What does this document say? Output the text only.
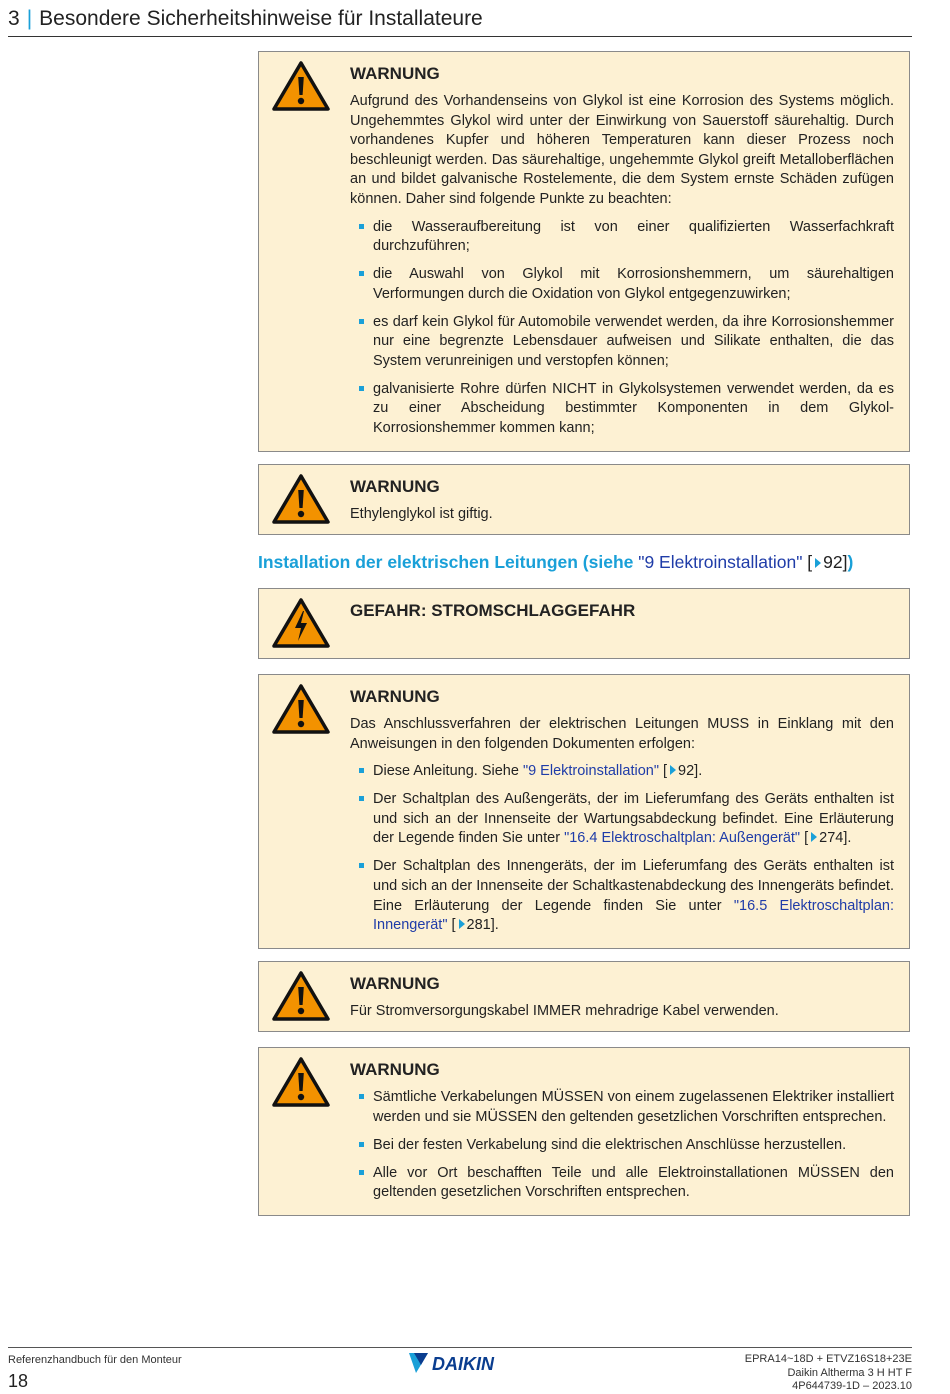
3 | Besondere Sicherheitshinweise für Installateure
WARNUNG

Aufgrund des Vorhandenseins von Glykol ist eine Korrosion des Systems möglich. Ungehemmtes Glykol wird unter der Einwirkung von Sauerstoff säurehaltig. Durch vorhandenes Kupfer und höheren Temperaturen kann dieser Prozess noch beschleunigt werden. Das säurehaltige, ungehemmte Glykol greift Metalloberflächen an und bildet galvanische Rostelemente, die dem System ernste Schäden zufügen können. Daher sind folgende Punkte zu beachten:

die Wasseraufbereitung ist von einer qualifizierten Wasserfachkraft durchzuführen;
die Auswahl von Glykol mit Korrosionshemmern, um säurehaltigen Verformungen durch die Oxidation von Glykol entgegenzuwirken;
es darf kein Glykol für Automobile verwendet werden, da ihre Korrosionshemmer nur eine begrenzte Lebensdauer aufweisen und Silikate enthalten, die das System verunreinigen und verstopfen können;
galvanisierte Rohre dürfen NICHT in Glykolsystemen verwendet werden, da es zu einer Abscheidung bestimmter Komponenten in dem Glykol-Korrosionshemmer kommen kann;
WARNUNG

Ethylenglykol ist giftig.

Installation der elektrischen Leitungen (siehe "9 Elektroinstallation" [ 92])
GEFAHR: STROMSCHLAGGEFAHR
WARNUNG

Das Anschlussverfahren der elektrischen Leitungen MUSS in Einklang mit den Anweisungen in den folgenden Dokumenten erfolgen:

Diese Anleitung. Siehe "9 Elektroinstallation" [ 92].
Der Schaltplan des Außengeräts, der im Lieferumfang des Geräts enthalten ist und sich an der Innenseite der Wartungsabdeckung befindet. Eine Erläuterung der Legende finden Sie unter "16.4 Elektroschaltplan: Außengerät" [ 274].
Der Schaltplan des Innengeräts, der im Lieferumfang des Geräts enthalten ist und sich an der Innenseite der Schaltkastenabdeckung des Innengeräts befindet. Eine Erläuterung der Legende finden Sie unter "16.5 Elektroschaltplan: Innengerät" [ 281].
WARNUNG

Für Stromversorgungskabel IMMER mehradrige Kabel verwenden.

WARNUNG
Sämtliche Verkabelungen MÜSSEN von einem zugelassenen Elektriker installiert werden und sie MÜSSEN den geltenden gesetzlichen Vorschriften entsprechen.
Bei der festen Verkabelung sind die elektrischen Anschlüsse herzustellen.
Alle vor Ort beschafften Teile und alle Elektroinstallationen MÜSSEN den geltenden gesetzlichen Vorschriften entsprechen.
Referenzhandbuch für den Monteur
18
DAIKIN	EPRA14~18D + ETVZ16S18+23E
Daikin Altherma 3 H HT F
4P644739-1D – 2023.10
